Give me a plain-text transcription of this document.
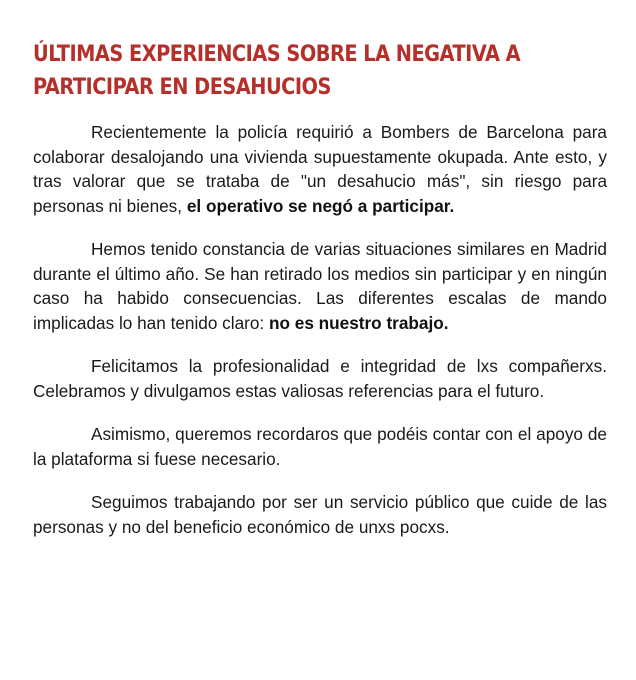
ÚLTIMAS EXPERIENCIAS SOBRE LA NEGATIVA A PARTICIPAR EN DESAHUCIOS

Recientemente la policía requirió a Bombers de Barcelona para colaborar desalojando una vivienda supuestamente okupada. Ante esto, y tras valorar que se trataba de "un desahucio más", sin riesgo para personas ni bienes, el operativo se negó a participar.

Hemos tenido constancia de varias situaciones similares en Madrid durante el último año. Se han retirado los medios sin participar y en ningún caso ha habido consecuencias. Las diferentes escalas de mando implicadas lo han tenido claro: no es nuestro trabajo.

Felicitamos la profesionalidad e integridad de lxs compañerxs. Celebramos y divulgamos estas valiosas referencias para el futuro.

Asimismo, queremos recordaros que podéis contar con el apoyo de la plataforma si fuese necesario.

Seguimos trabajando por ser un servicio público que cuide de las personas y no del beneficio económico de unxs pocxs.
